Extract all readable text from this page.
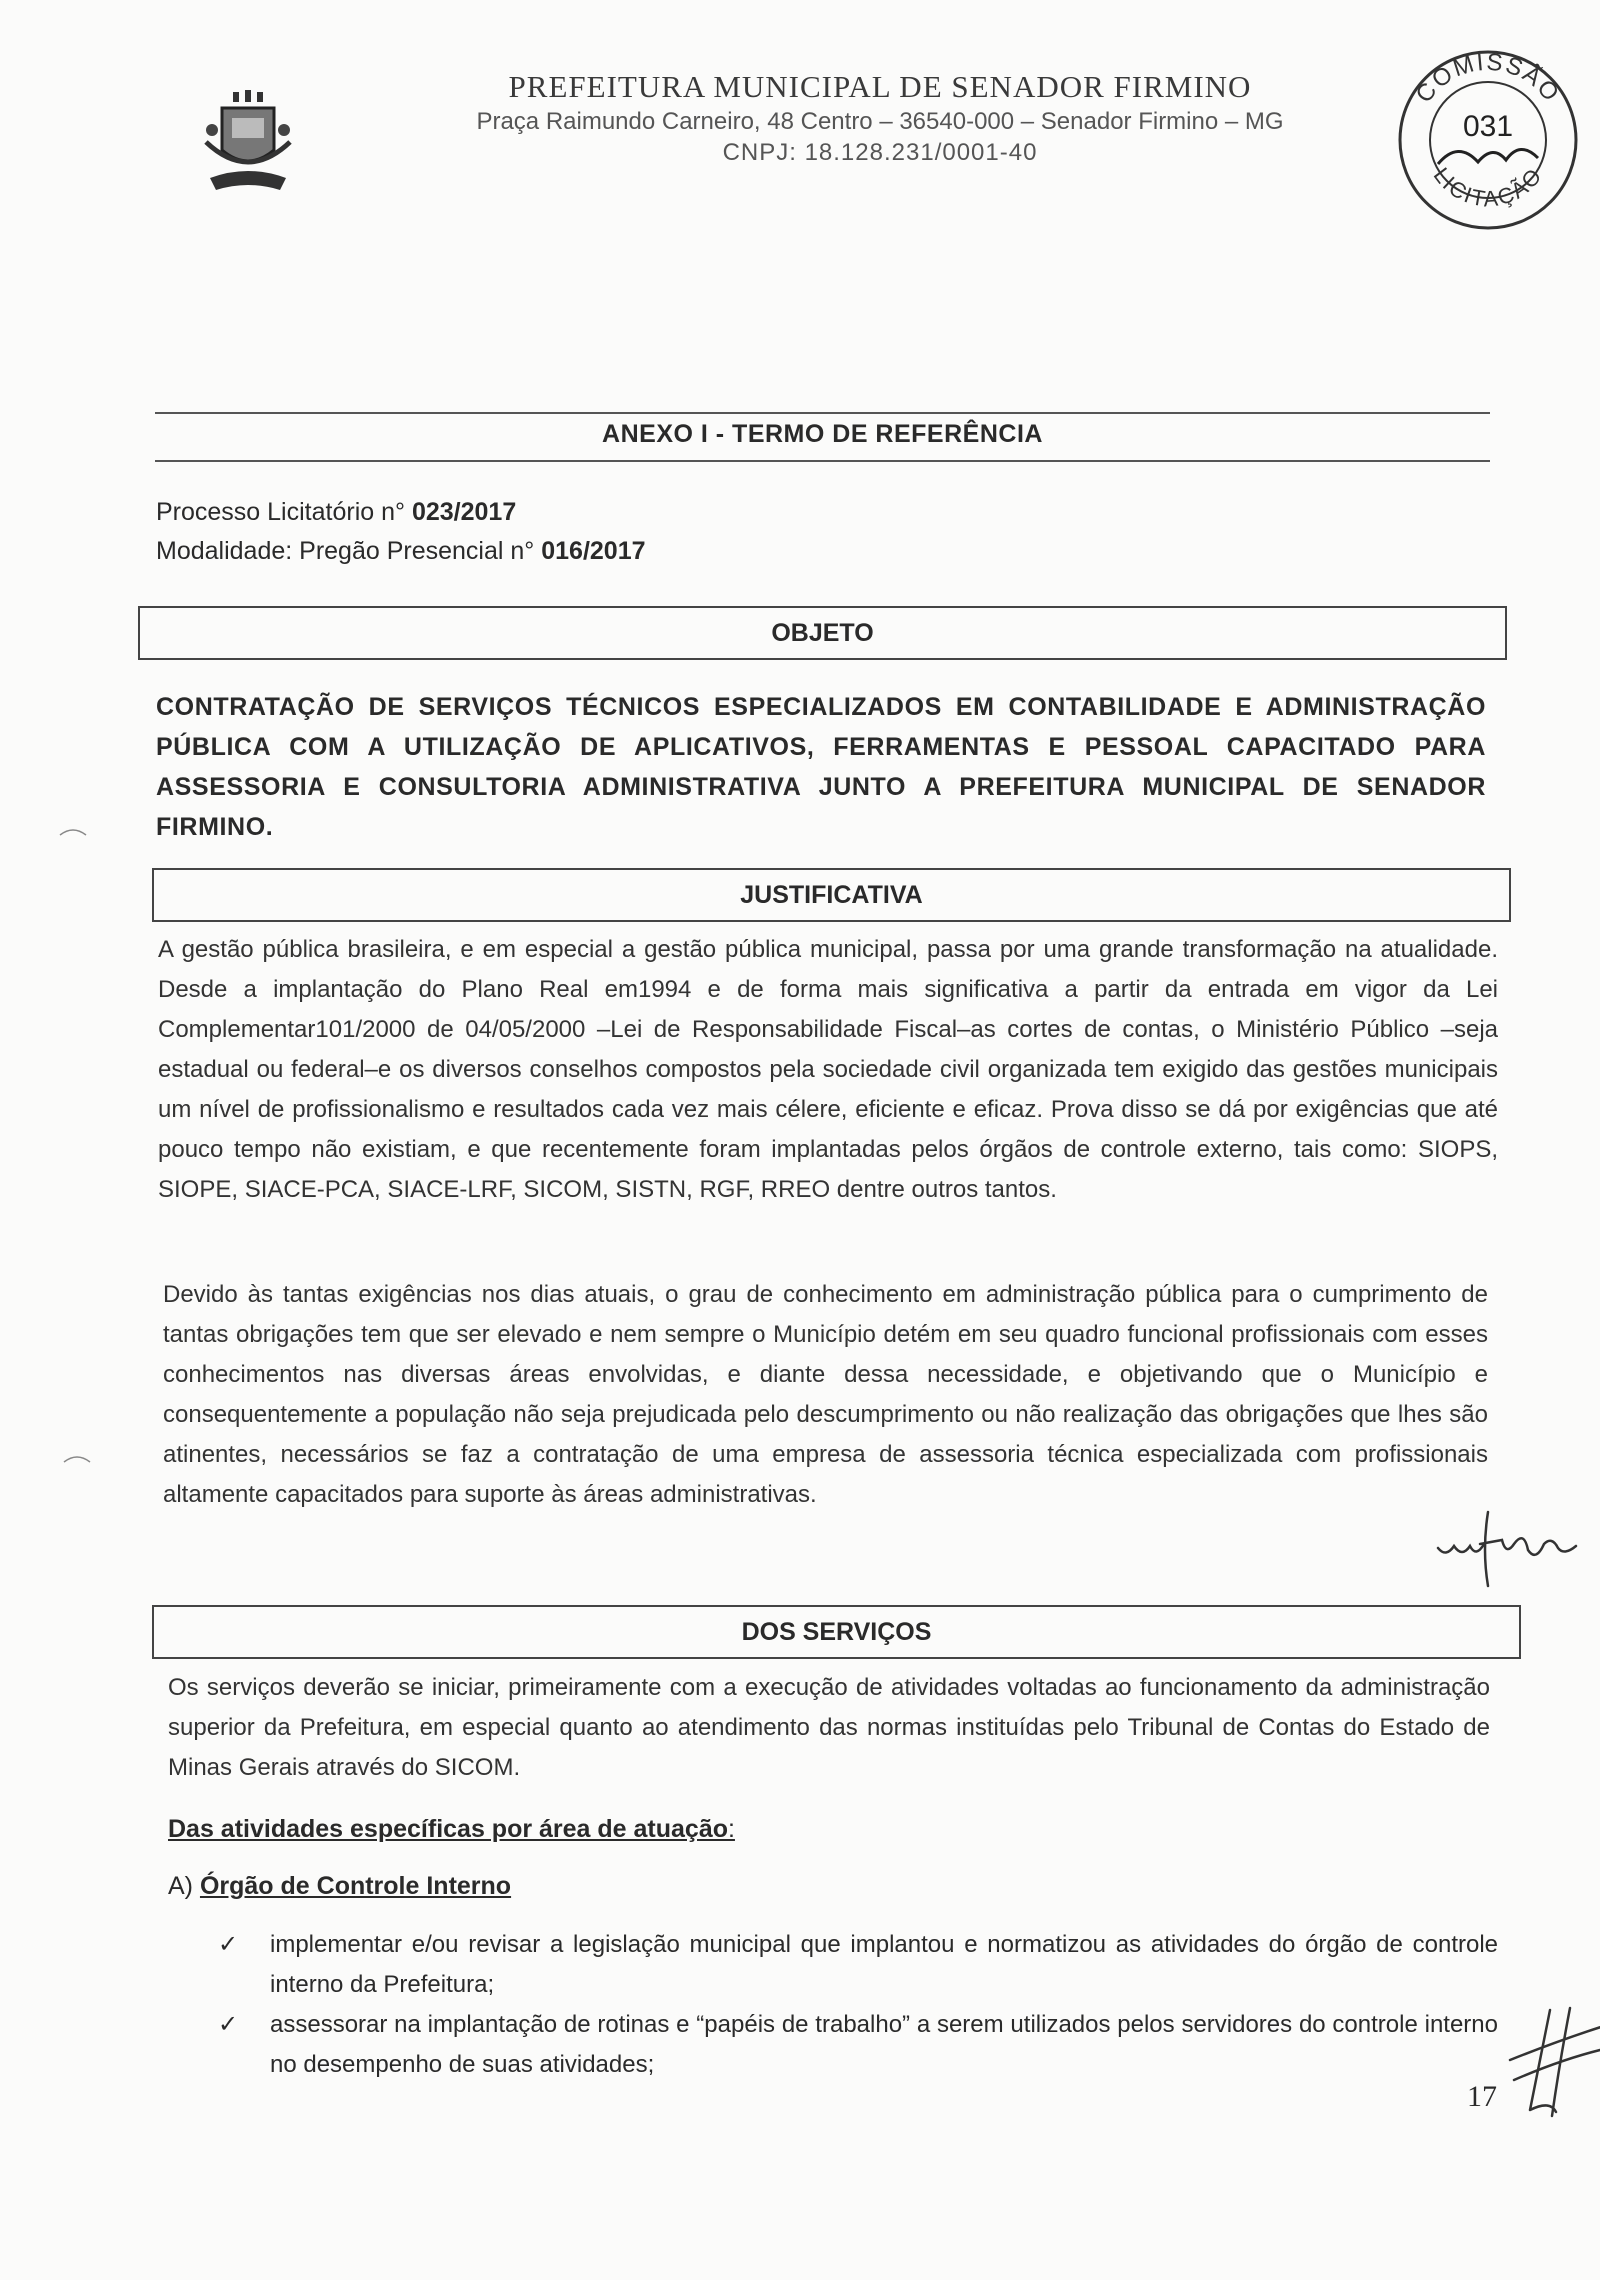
PREFEITURA MUNICIPAL DE SENADOR FIRMINO
Praça Raimundo Carneiro, 48 Centro – 36540-000 – Senador Firmino – MG
CNPJ: 18.128.231/0001-40
COMISSÃO
LICITAÇÃO
031
ANEXO I - TERMO DE REFERÊNCIA
Processo Licitatório n° 023/2017
Modalidade: Pregão Presencial n° 016/2017
OBJETO
CONTRATAÇÃO DE SERVIÇOS TÉCNICOS ESPECIALIZADOS EM CONTABILIDADE E ADMINISTRAÇÃO PÚBLICA COM A UTILIZAÇÃO DE APLICATIVOS, FERRAMENTAS E PESSOAL CAPACITADO PARA ASSESSORIA E CONSULTORIA ADMINISTRATIVA JUNTO A PREFEITURA MUNICIPAL DE SENADOR FIRMINO.
JUSTIFICATIVA
A gestão pública brasileira, e em especial a gestão pública municipal, passa por uma grande transformação na atualidade. Desde a implantação do Plano Real em1994 e de forma mais significativa a partir da entrada em vigor da Lei Complementar101/2000 de 04/05/2000 –Lei de Responsabilidade Fiscal–as cortes de contas, o Ministério Público –seja estadual ou federal–e os diversos conselhos compostos pela sociedade civil organizada tem exigido das gestões municipais um nível de profissionalismo e resultados cada vez mais célere, eficiente e eficaz. Prova disso se dá por exigências que até pouco tempo não existiam, e que recentemente foram implantadas pelos órgãos de controle externo, tais como: SIOPS, SIOPE, SIACE-PCA, SIACE-LRF, SICOM, SISTN, RGF, RREO dentre outros tantos.
Devido às tantas exigências nos dias atuais, o grau de conhecimento em administração pública para o cumprimento de tantas obrigações tem que ser elevado e nem sempre o Município detém em seu quadro funcional profissionais com esses conhecimentos nas diversas áreas envolvidas, e diante dessa necessidade, e objetivando que o Município e consequentemente a população não seja prejudicada pelo descumprimento ou não realização das obrigações que lhes são atinentes, necessários se faz a contratação de uma empresa de assessoria técnica especializada com profissionais altamente capacitados para suporte às áreas administrativas.
DOS SERVIÇOS
Os serviços deverão se iniciar, primeiramente com a execução de atividades voltadas ao funcionamento da administração superior da Prefeitura, em especial quanto ao atendimento das normas instituídas pelo Tribunal de Contas do Estado de Minas Gerais através do SICOM.
Das atividades específicas por área de atuação:
A) Órgão de Controle Interno
✓ implementar e/ou revisar a legislação municipal que implantou e normatizou as atividades do órgão de controle interno da Prefeitura;
✓ assessorar na implantação de rotinas e “papéis de trabalho” a serem utilizados pelos servidores do controle interno no desempenho de suas atividades;
17
